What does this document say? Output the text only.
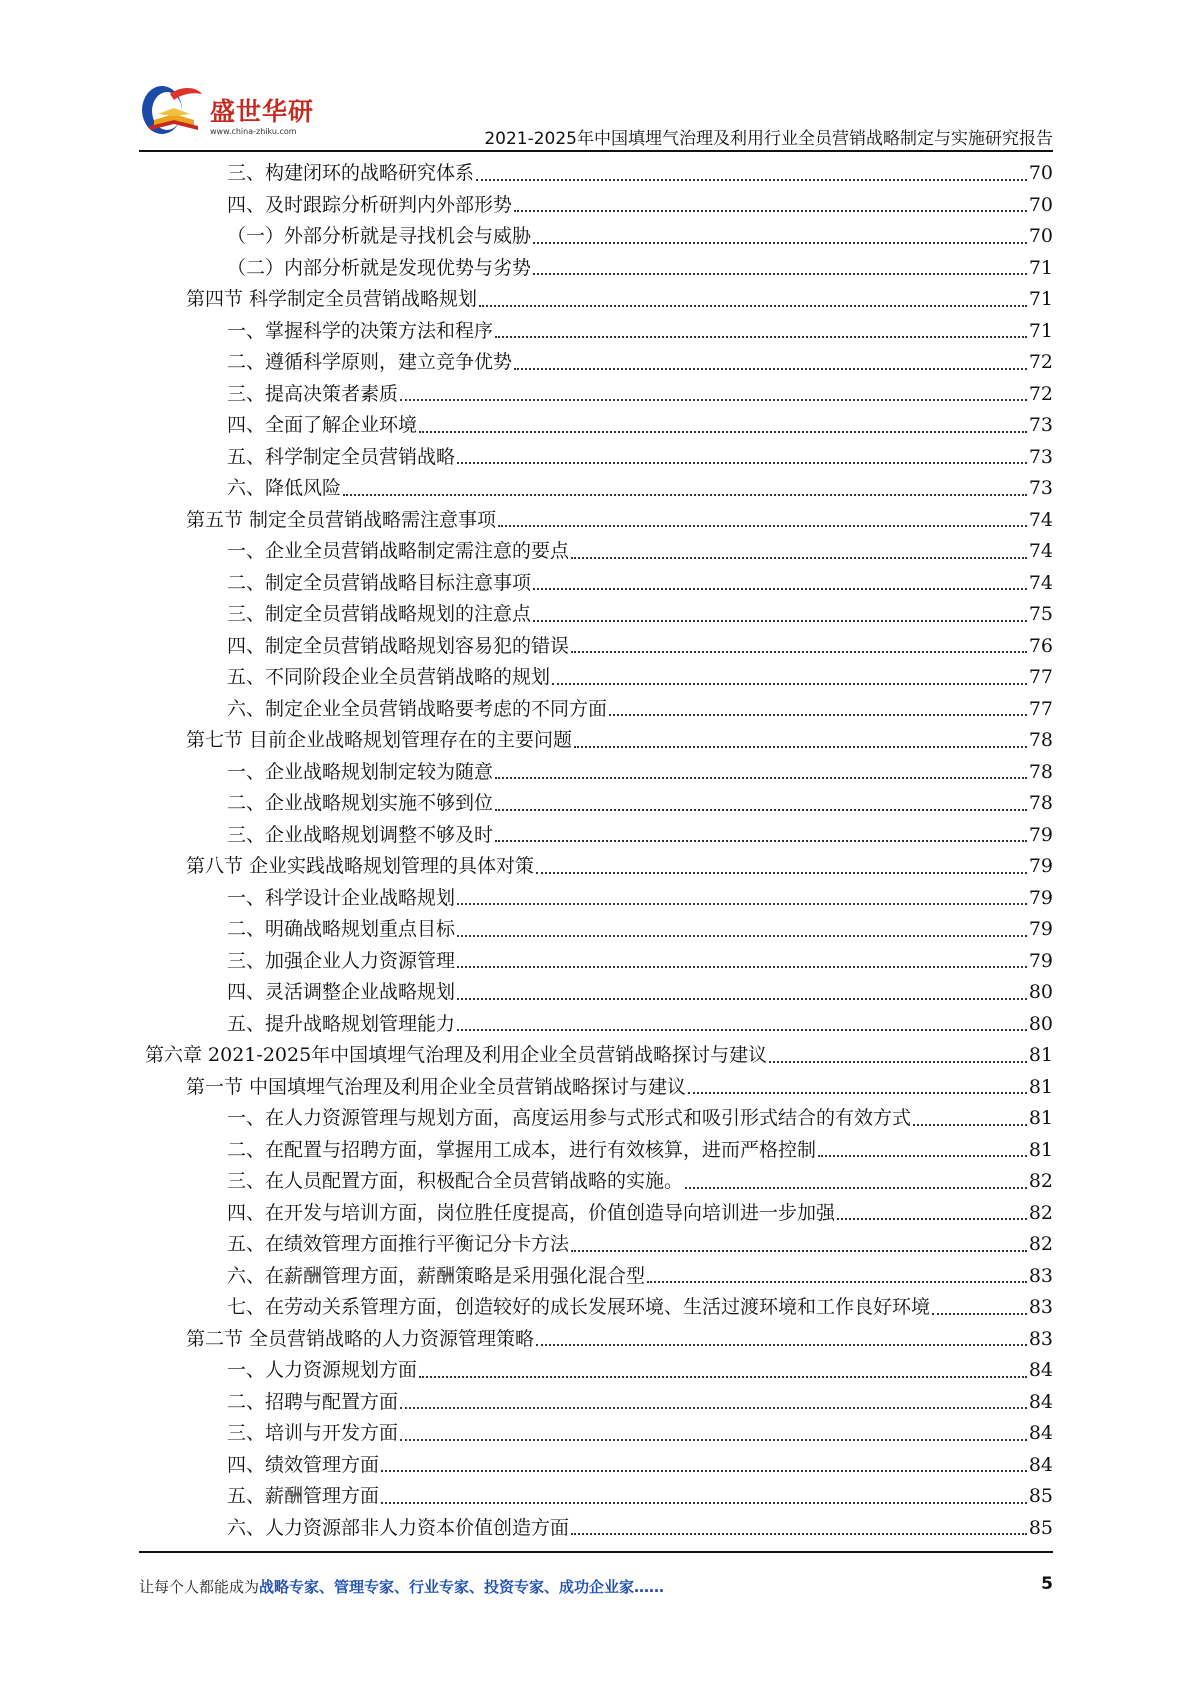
盛世华研
www.china-zhiku.com	2021-2025年中国填埋气治理及利用行业全员营销战略制定与实施研究报告
三、构建闭环的战略研究体系	70
四、及时跟踪分析研判内外部形势	70
（一）外部分析就是寻找机会与威胁	70
（二）内部分析就是发现优势与劣势	71
第四节 科学制定全员营销战略规划	71
一、掌握科学的决策方法和程序	71
二、遵循科学原则，建立竞争优势	72
三、提高决策者素质	72
四、全面了解企业环境	73
五、科学制定全员营销战略	73
六、降低风险	73
第五节 制定全员营销战略需注意事项	74
一、企业全员营销战略制定需注意的要点	74
二、制定全员营销战略目标注意事项	74
三、制定全员营销战略规划的注意点	75
四、制定全员营销战略规划容易犯的错误	76
五、不同阶段企业全员营销战略的规划	77
六、制定企业全员营销战略要考虑的不同方面	77
第七节 目前企业战略规划管理存在的主要问题	78
一、企业战略规划制定较为随意	78
二、企业战略规划实施不够到位	78
三、企业战略规划调整不够及时	79
第八节 企业实践战略规划管理的具体对策	79
一、科学设计企业战略规划	79
二、明确战略规划重点目标	79
三、加强企业人力资源管理	79
四、灵活调整企业战略规划	80
五、提升战略规划管理能力	80
第六章 2021-2025年中国填埋气治理及利用企业全员营销战略探讨与建议	81
第一节 中国填埋气治理及利用企业全员营销战略探讨与建议	81
一、在人力资源管理与规划方面，高度运用参与式形式和吸引形式结合的有效方式	81
二、在配置与招聘方面，掌握用工成本，进行有效核算，进而严格控制	81
三、在人员配置方面，积极配合全员营销战略的实施。	82
四、在开发与培训方面，岗位胜任度提高，价值创造导向培训进一步加强	82
五、在绩效管理方面推行平衡记分卡方法	82
六、在薪酬管理方面，薪酬策略是采用强化混合型	83
七、在劳动关系管理方面，创造较好的成长发展环境、生活过渡环境和工作良好环境	83
第二节 全员营销战略的人力资源管理策略	83
一、人力资源规划方面	84
二、招聘与配置方面	84
三、培训与开发方面	84
四、绩效管理方面	84
五、薪酬管理方面	85
六、人力资源部非人力资本价值创造方面	85
让每个人都能成为战略专家、管理专家、行业专家、投资专家、成功企业家……	5
